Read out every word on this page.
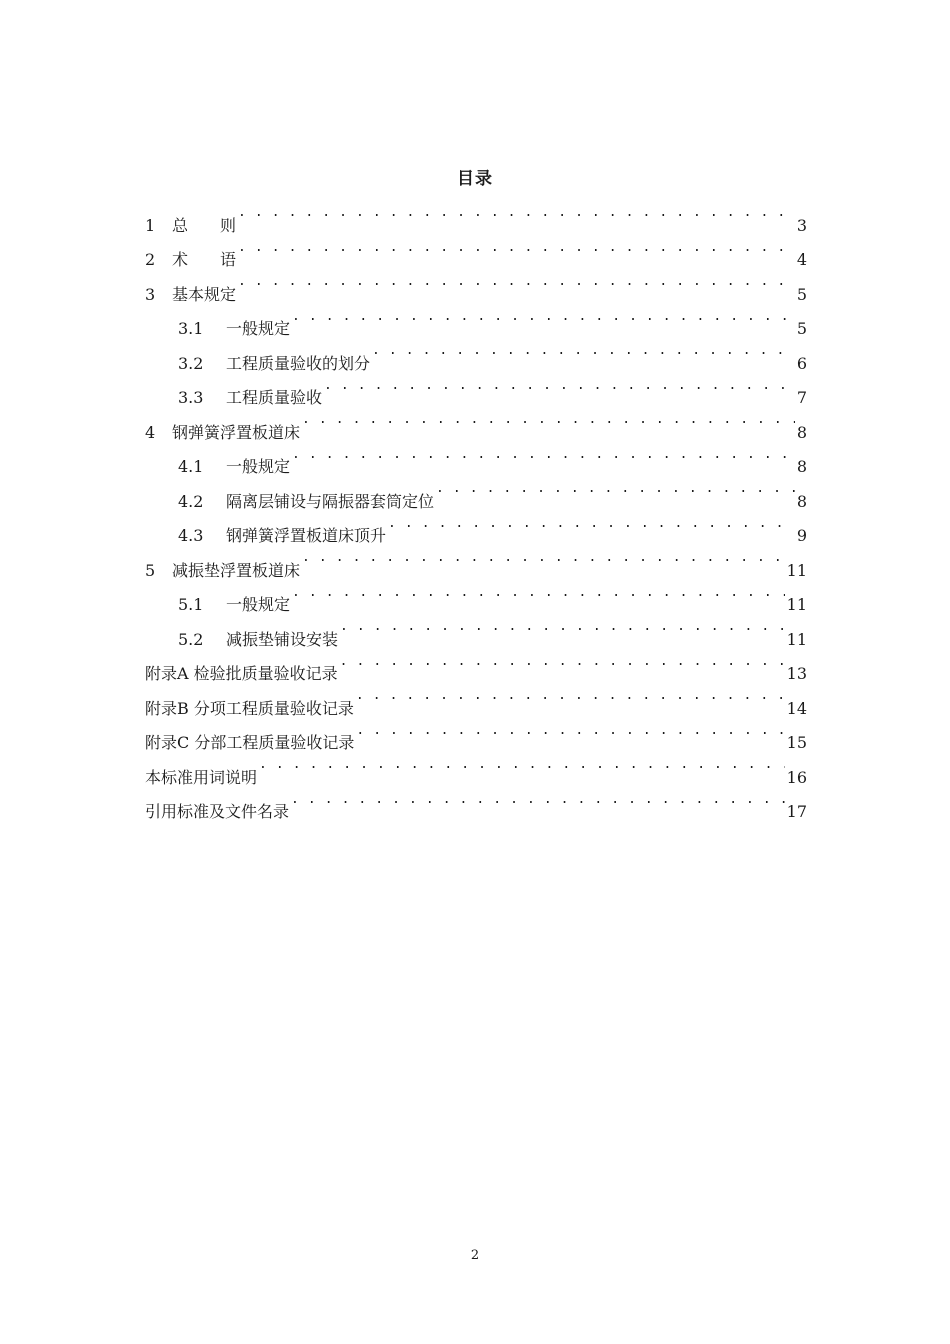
目录
1	总　　则 . . .	3
2	术　　语 . . .	4
3	基本规定 . . .	5
3.1	一般规定 . . .	5
3.2	工程质量验收的划分 . . .	6
3.3	工程质量验收 . . .	7
4	钢弹簧浮置板道床 . . .	8
4.1	一般规定 . . .	8
4.2	隔离层铺设与隔振器套筒定位 . . .	8
4.3	钢弹簧浮置板道床顶升 . . .	9
5	减振垫浮置板道床 . . .	11
5.1	一般规定 . . .	11
5.2	减振垫铺设安装 . . .	11
附录A 检验批质量验收记录 . . .	13
附录B 分项工程质量验收记录 . . .	14
附录C 分部工程质量验收记录 . . .	15
本标准用词说明 . . .	16
引用标准及文件名录 . . .	17
2
